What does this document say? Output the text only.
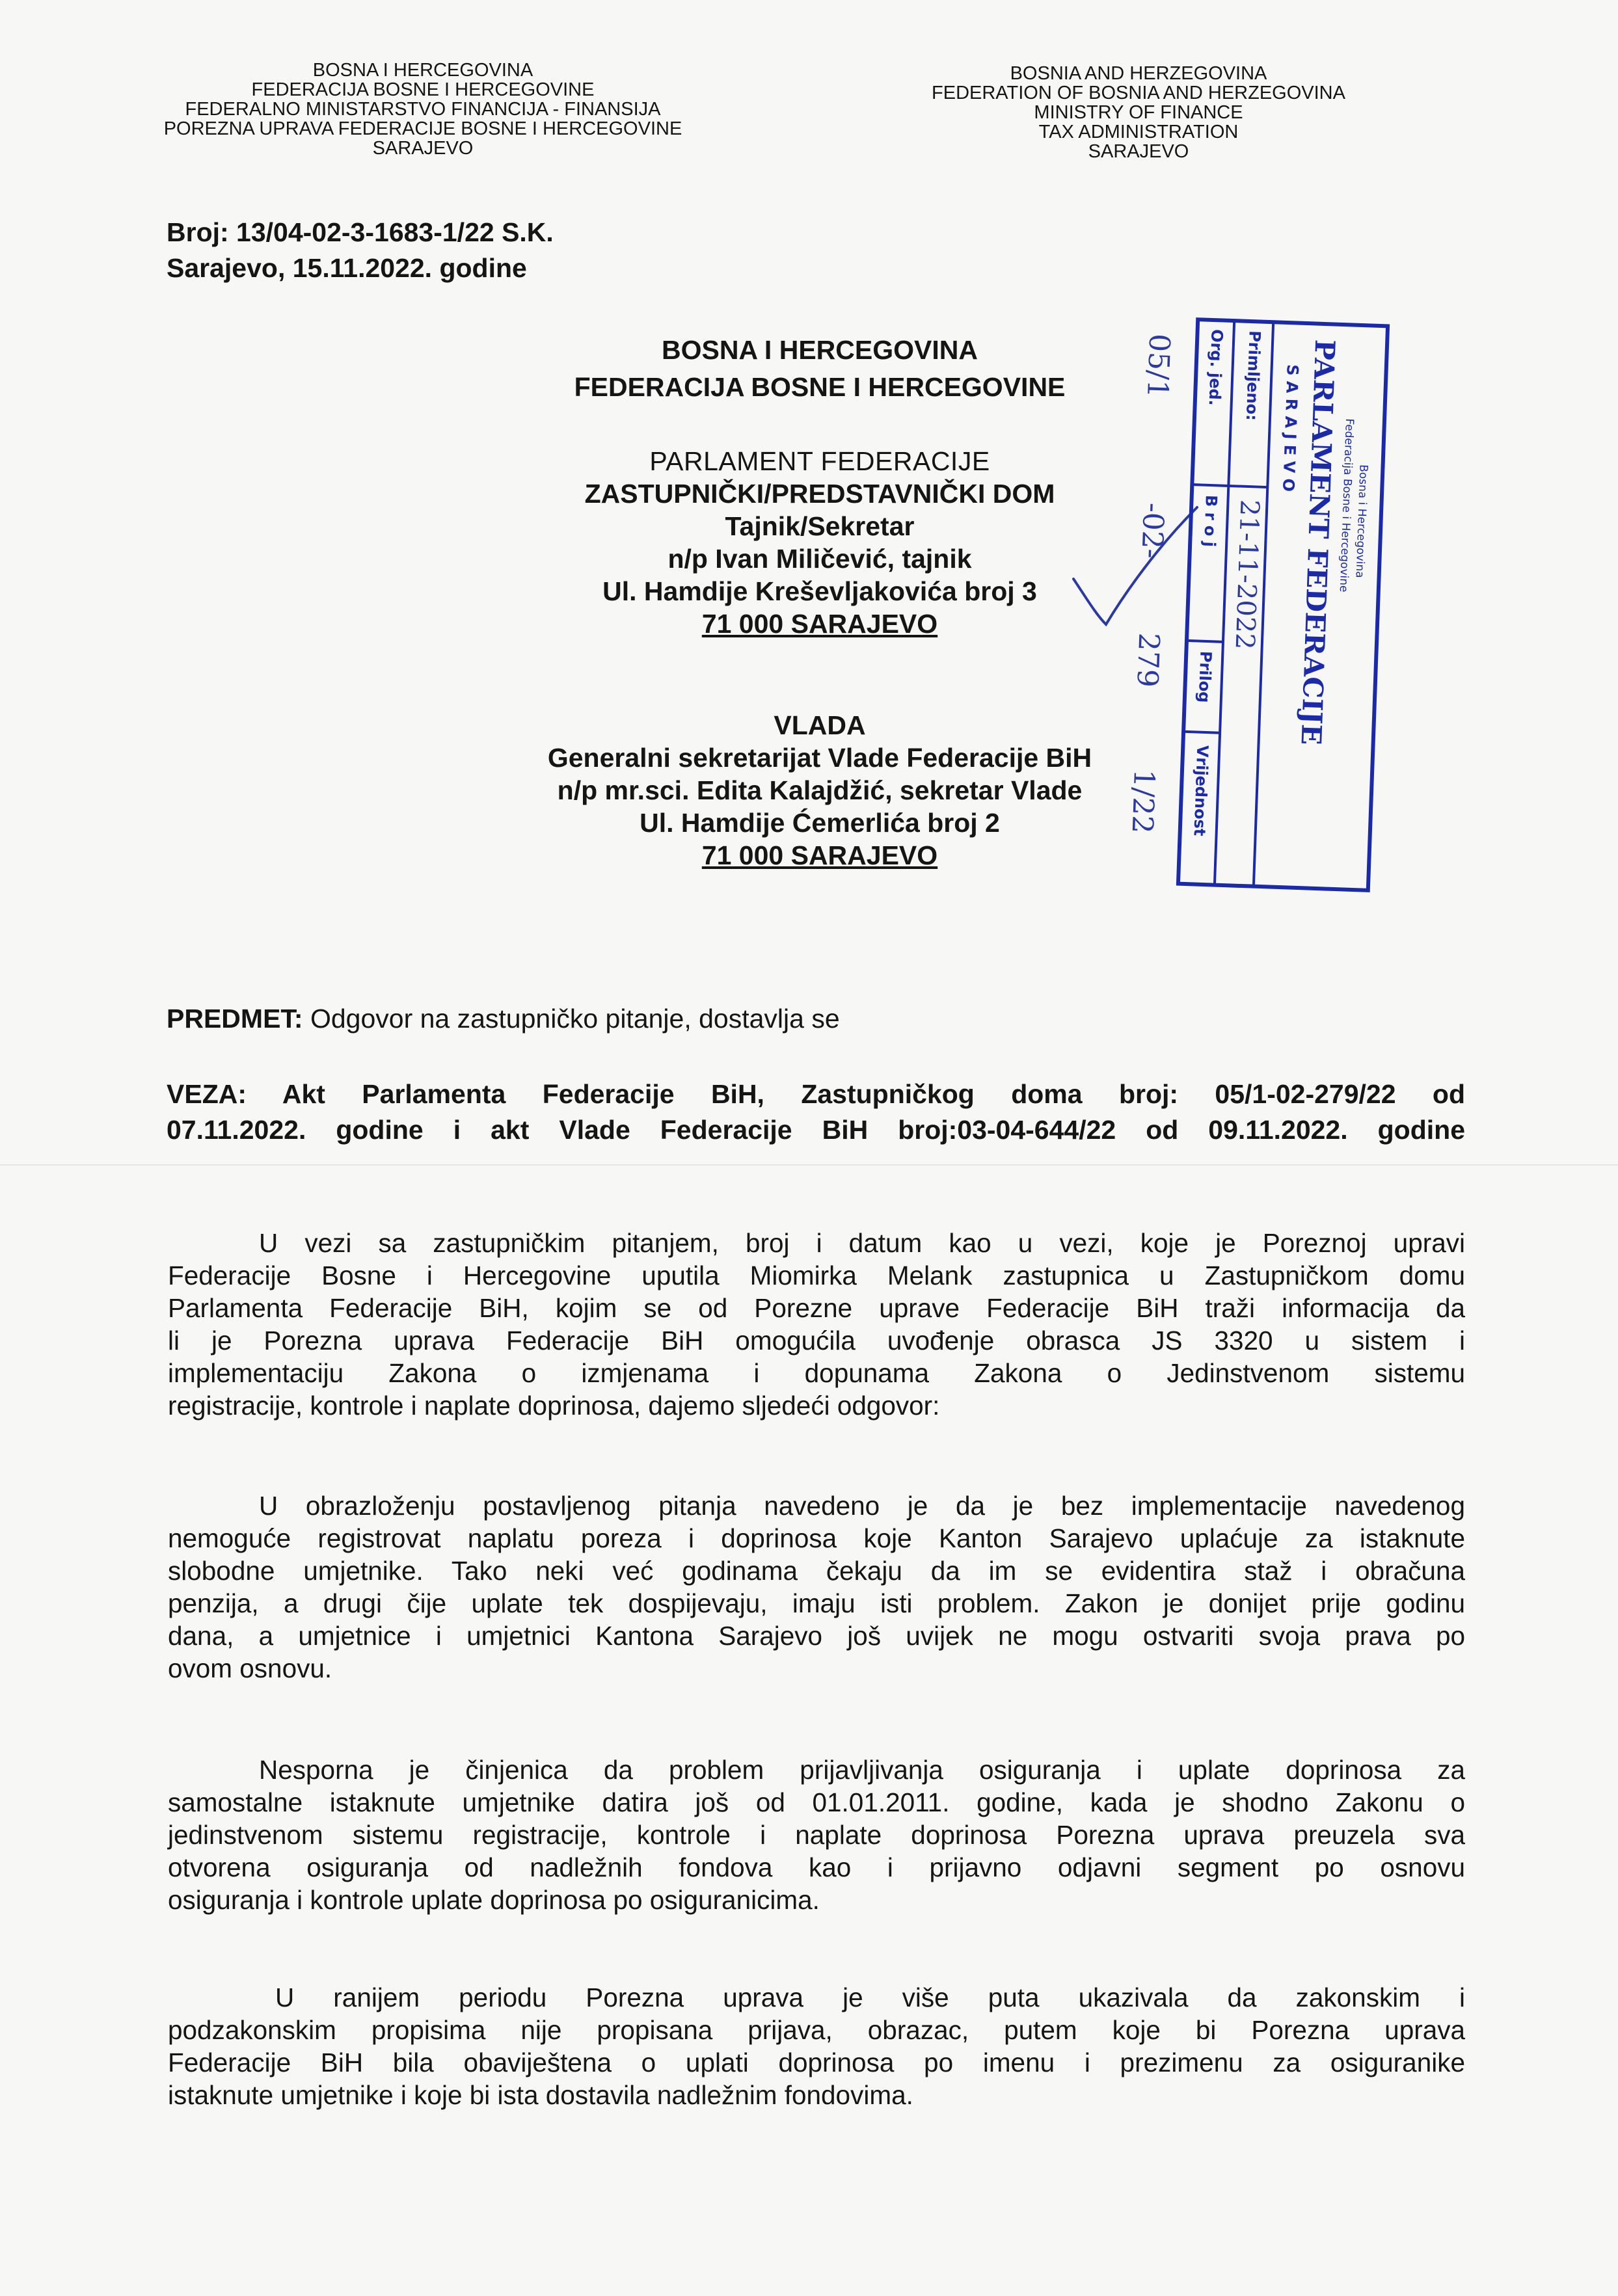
BOSNA I HERCEGOVINA
FEDERACIJA BOSNE I HERCEGOVINE
FEDERALNO MINISTARSTVO FINANCIJA - FINANSIJA
POREZNA UPRAVA FEDERACIJE BOSNE I HERCEGOVINE
SARAJEVO
BOSNIA AND HERZEGOVINA
FEDERATION OF BOSNIA AND HERZEGOVINA
MINISTRY OF FINANCE
TAX ADMINISTRATION
SARAJEVO
Broj: 13/04-02-3-1683-1/22 S.K.
Sarajevo, 15.11.2022. godine
BOSNA I HERCEGOVINA
FEDERACIJA BOSNE I HERCEGOVINE
PARLAMENT FEDERACIJE
ZASTUPNIČKI/PREDSTAVNIČKI DOM
Tajnik/Sekretar
n/p Ivan Miličević, tajnik
Ul. Hamdije Kreševljakovića broj 3
71 000 SARAJEVO
VLADA
Generalni sekretarijat Vlade Federacije BiH
n/p mr.sci. Edita Kalajdžić, sekretar Vlade
Ul. Hamdije Ćemerlića broj 2
71 000 SARAJEVO
Org. jed.
B r o j
Prilog
Vrijednost
Primljeno: S A R A J E V O
PARLAMENT FEDERACIJE
Federacija Bosne i Hercegovine
Bosna i Hercegovina
05/1
-02-
279
1/22
21-11-2022
PREDMET: Odgovor na zastupničko pitanje, dostavlja se
VEZA: Akt Parlamenta Federacije BiH, Zastupničkog doma broj: 05/1-02-279/22 od
07.11.2022. godine i akt Vlade Federacije BiH broj:03-04-644/22 od 09.11.2022. godine
U vezi sa zastupničkim pitanjem, broj i datum kao u vezi, koje je Poreznoj upravi
Federacije Bosne i Hercegovine uputila Miomirka Melank zastupnica u Zastupničkom domu
Parlamenta Federacije BiH, kojim se od Porezne uprave Federacije BiH traži informacija da
li je Porezna uprava Federacije BiH omogućila uvođenje obrasca JS 3320 u sistem i
implementaciju Zakona o izmjenama i dopunama Zakona o Jedinstvenom sistemu
registracije, kontrole i naplate doprinosa, dajemo sljedeći odgovor:
U obrazloženju postavljenog pitanja navedeno je da je bez implementacije navedenog
nemoguće registrovat naplatu poreza i doprinosa koje Kanton Sarajevo uplaćuje za istaknute
slobodne umjetnike. Tako neki već godinama čekaju da im se evidentira staž i obračuna
penzija, a drugi čije uplate tek dospijevaju, imaju isti problem. Zakon je donijet prije godinu
dana, a umjetnice i umjetnici Kantona Sarajevo još uvijek ne mogu ostvariti svoja prava po
ovom osnovu.
Nesporna je činjenica da problem prijavljivanja osiguranja i uplate doprinosa za
samostalne istaknute umjetnike datira još od 01.01.2011. godine, kada je shodno Zakonu o
jedinstvenom sistemu registracije, kontrole i naplate doprinosa Porezna uprava preuzela sva
otvorena osiguranja od nadležnih fondova kao i prijavno odjavni segment po osnovu
osiguranja i kontrole uplate doprinosa po osiguranicima.
U ranijem periodu Porezna uprava je više puta ukazivala da zakonskim i
podzakonskim propisima nije propisana prijava, obrazac, putem koje bi Porezna uprava
Federacije BiH bila obaviještena o uplati doprinosa po imenu i prezimenu za osiguranike
istaknute umjetnike i koje bi ista dostavila nadležnim fondovima.
